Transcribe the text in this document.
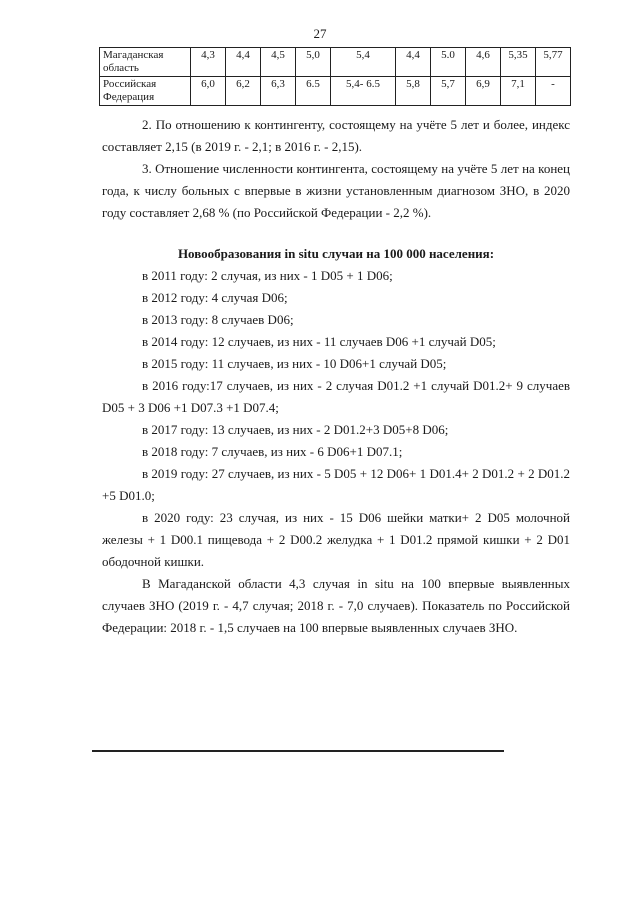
27
Магаданская область	4,3	4,4	4,5	5,0	5,4	4,4	5.0	4,6	5,35	5,77
Российская Федерация	6,0	6,2	6,3	6.5	5,4- 6.5	5,8	5,7	6,9	7,1	-

2. По отношению к контингенту, состоящему на учёте 5 лет и более, индекс составляет 2,15 (в 2019 г. - 2,1; в 2016 г. - 2,15).

3. Отношение численности контингента, состоящему на учёте 5 лет на конец года, к числу больных с впервые в жизни установленным диагнозом ЗНО, в 2020 году составляет 2,68 % (по Российской Федерации - 2,2 %).

Новообразования in situ случаи на 100 000 населения:

в 2011 году: 2 случая, из них - 1 D05 + 1 D06;

в 2012 году: 4 случая D06;

в 2013 году: 8 случаев D06;

в 2014 году: 12 случаев, из них - 11 случаев D06 +1 случай D05;

в 2015 году: 11 случаев, из них - 10 D06+1 случай D05;

в 2016 году:17 случаев, из них - 2 случая D01.2 +1 случай D01.2+ 9 случаев D05 + 3 D06 +1 D07.3 +1 D07.4;

в 2017 году: 13 случаев, из них - 2 D01.2+3 D05+8 D06;

в 2018 году: 7 случаев, из них - 6 D06+1 D07.1;

в 2019 году: 27 случаев, из них - 5 D05 + 12 D06+ 1 D01.4+ 2 D01.2 + 2 D01.2 +5 D01.0;

в 2020 году: 23 случая, из них - 15 D06 шейки матки+ 2 D05 молочной железы + 1 D00.1 пищевода + 2 D00.2 желудка + 1 D01.2 прямой кишки + 2 D01 ободочной кишки.

В Магаданской области 4,3 случая in situ на 100 впервые выявленных случаев ЗНО (2019 г. - 4,7 случая; 2018 г. - 7,0 случаев). Показатель по Российской Федерации: 2018 г. - 1,5 случаев на 100 впервые выявленных случаев ЗНО.
